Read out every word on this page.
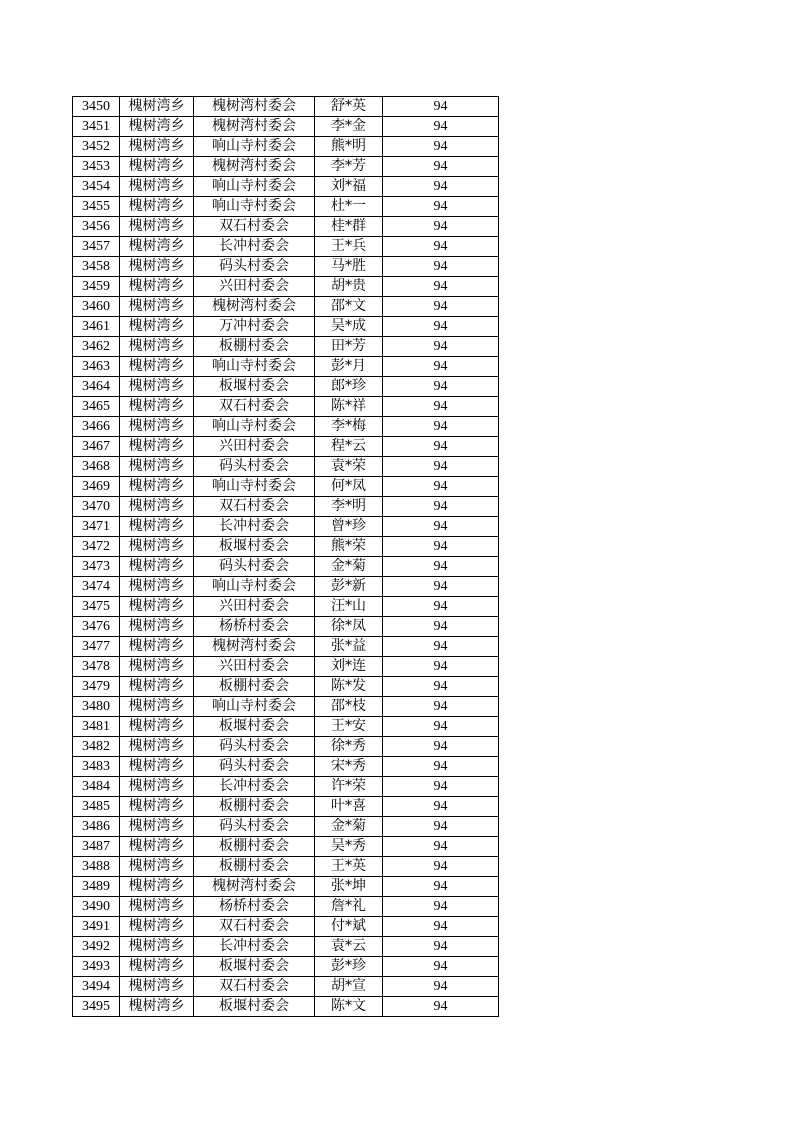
3450	槐树湾乡	槐树湾村委会	舒*英	94
3451	槐树湾乡	槐树湾村委会	李*金	94
3452	槐树湾乡	响山寺村委会	熊*明	94
3453	槐树湾乡	槐树湾村委会	李*芳	94
3454	槐树湾乡	响山寺村委会	刘*福	94
3455	槐树湾乡	响山寺村委会	杜*一	94
3456	槐树湾乡	双石村委会	桂*群	94
3457	槐树湾乡	长冲村委会	王*兵	94
3458	槐树湾乡	码头村委会	马*胜	94
3459	槐树湾乡	兴田村委会	胡*贵	94
3460	槐树湾乡	槐树湾村委会	邵*文	94
3461	槐树湾乡	万冲村委会	吴*成	94
3462	槐树湾乡	板棚村委会	田*芳	94
3463	槐树湾乡	响山寺村委会	彭*月	94
3464	槐树湾乡	板堰村委会	郎*珍	94
3465	槐树湾乡	双石村委会	陈*祥	94
3466	槐树湾乡	响山寺村委会	李*梅	94
3467	槐树湾乡	兴田村委会	程*云	94
3468	槐树湾乡	码头村委会	袁*荣	94
3469	槐树湾乡	响山寺村委会	何*凤	94
3470	槐树湾乡	双石村委会	李*明	94
3471	槐树湾乡	长冲村委会	曾*珍	94
3472	槐树湾乡	板堰村委会	熊*荣	94
3473	槐树湾乡	码头村委会	金*菊	94
3474	槐树湾乡	响山寺村委会	彭*新	94
3475	槐树湾乡	兴田村委会	汪*山	94
3476	槐树湾乡	杨桥村委会	徐*凤	94
3477	槐树湾乡	槐树湾村委会	张*益	94
3478	槐树湾乡	兴田村委会	刘*连	94
3479	槐树湾乡	板棚村委会	陈*发	94
3480	槐树湾乡	响山寺村委会	邵*枝	94
3481	槐树湾乡	板堰村委会	王*安	94
3482	槐树湾乡	码头村委会	徐*秀	94
3483	槐树湾乡	码头村委会	宋*秀	94
3484	槐树湾乡	长冲村委会	许*荣	94
3485	槐树湾乡	板棚村委会	叶*喜	94
3486	槐树湾乡	码头村委会	金*菊	94
3487	槐树湾乡	板棚村委会	吴*秀	94
3488	槐树湾乡	板棚村委会	王*英	94
3489	槐树湾乡	槐树湾村委会	张*坤	94
3490	槐树湾乡	杨桥村委会	詹*礼	94
3491	槐树湾乡	双石村委会	付*斌	94
3492	槐树湾乡	长冲村委会	袁*云	94
3493	槐树湾乡	板堰村委会	彭*珍	94
3494	槐树湾乡	双石村委会	胡*宣	94
3495	槐树湾乡	板堰村委会	陈*文	94
